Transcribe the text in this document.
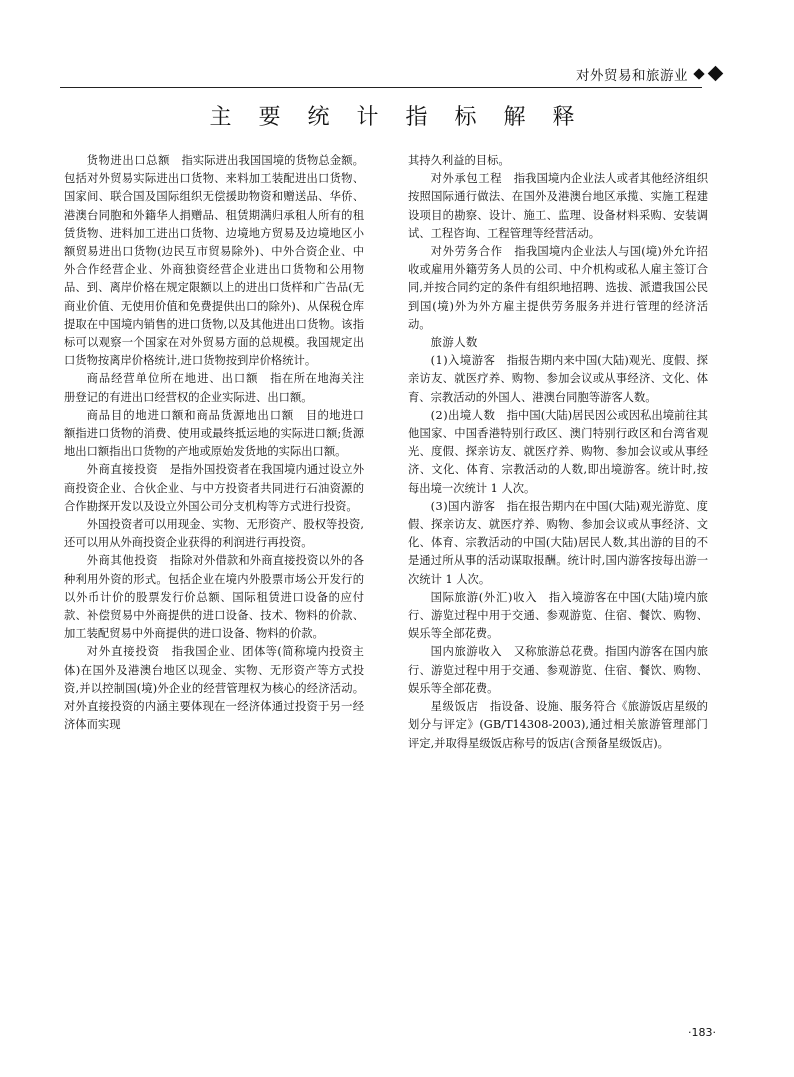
对外贸易和旅游业
主 要 统 计 指 标 解 释

货物进出口总额　 指实际进出我国国境的货物总金额。包括对外贸易实际进出口货物、来料加工装配进出口货物、国家间、联合国及国际组织无偿援助物资和赠送品、华侨、港澳台同胞和外籍华人捐赠品、租赁期满归承租人所有的租赁货物、进料加工进出口货物、边境地方贸易及边境地区小额贸易进出口货物(边民互市贸易除外)、中外合资企业、中外合作经营企业、外商独资经营企业进出口货物和公用物品、到、离岸价格在规定限额以上的进出口货样和广告品(无商业价值、无使用价值和免费提供出口的除外)、从保税仓库提取在中国境内销售的进口货物,以及其他进出口货物。该指标可以观察一个国家在对外贸易方面的总规模。我国规定出口货物按离岸价格统计,进口货物按到岸价格统计。

商品经营单位所在地进、出口额　 指在所在地海关注册登记的有进出口经营权的企业实际进、出口额。

商品目的地进口额和商品货源地出口额　 目的地进口额指进口货物的消费、使用或最终抵运地的实际进口额;货源地出口额指出口货物的产地或原始发货地的实际出口额。

外商直接投资　 是指外国投资者在我国境内通过设立外商投资企业、合伙企业、与中方投资者共同进行石油资源的合作勘探开发以及设立外国公司分支机构等方式进行投资。

外国投资者可以用现金、实物、无形资产、股权等投资,还可以用从外商投资企业获得的利润进行再投资。

外商其他投资　 指除对外借款和外商直接投资以外的各种利用外资的形式。包括企业在境内外股票市场公开发行的以外币计价的股票发行价总额、国际租赁进口设备的应付款、补偿贸易中外商提供的进口设备、技术、物料的价款、加工装配贸易中外商提供的进口设备、物料的价款。

对外直接投资　 指我国企业、团体等(简称境内投资主体)在国外及港澳台地区以现金、实物、无形资产等方式投资,并以控制国(境)外企业的经营管理权为核心的经济活动。对外直接投资的内涵主要体现在一经济体通过投资于另一经济体而实现

其持久利益的目标。

对外承包工程　 指我国境内企业法人或者其他经济组织按照国际通行做法、在国外及港澳台地区承揽、实施工程建设项目的勘察、设计、施工、监理、设备材料采购、安装调试、工程咨询、工程管理等经营活动。

对外劳务合作　 指我国境内企业法人与国(境)外允许招收或雇用外籍劳务人员的公司、中介机构或私人雇主签订合同,并按合同约定的条件有组织地招聘、选拔、派遣我国公民到国(境)外为外方雇主提供劳务服务并进行管理的经济活动。

旅游人数

(1)入境游客　 指报告期内来中国(大陆)观光、度假、探亲访友、就医疗养、购物、参加会议或从事经济、文化、体育、宗教活动的外国人、港澳台同胞等游客人数。

(2)出境人数　 指中国(大陆)居民因公或因私出境前往其他国家、中国香港特别行政区、澳门特别行政区和台湾省观光、度假、探亲访友、就医疗养、购物、参加会议或从事经济、文化、体育、宗教活动的人数,即出境游客。统计时,按每出境一次统计 1 人次。

(3)国内游客　 指在报告期内在中国(大陆)观光游览、度假、探亲访友、就医疗养、购物、参加会议或从事经济、文化、体育、宗教活动的中国(大陆)居民人数,其出游的目的不是通过所从事的活动谋取报酬。统计时,国内游客按每出游一次统计 1 人次。

国际旅游(外汇)收入　 指入境游客在中国(大陆)境内旅行、游览过程中用于交通、参观游览、住宿、餐饮、购物、娱乐等全部花费。

国内旅游收入　 又称旅游总花费。指国内游客在国内旅行、游览过程中用于交通、参观游览、住宿、餐饮、购物、娱乐等全部花费。

星级饭店　 指设备、设施、服务符合《旅游饭店星级的划分与评定》(GB/T14308-2003),通过相关旅游管理部门评定,并取得星级饭店称号的饭店(含预备星级饭店)。

·183·
